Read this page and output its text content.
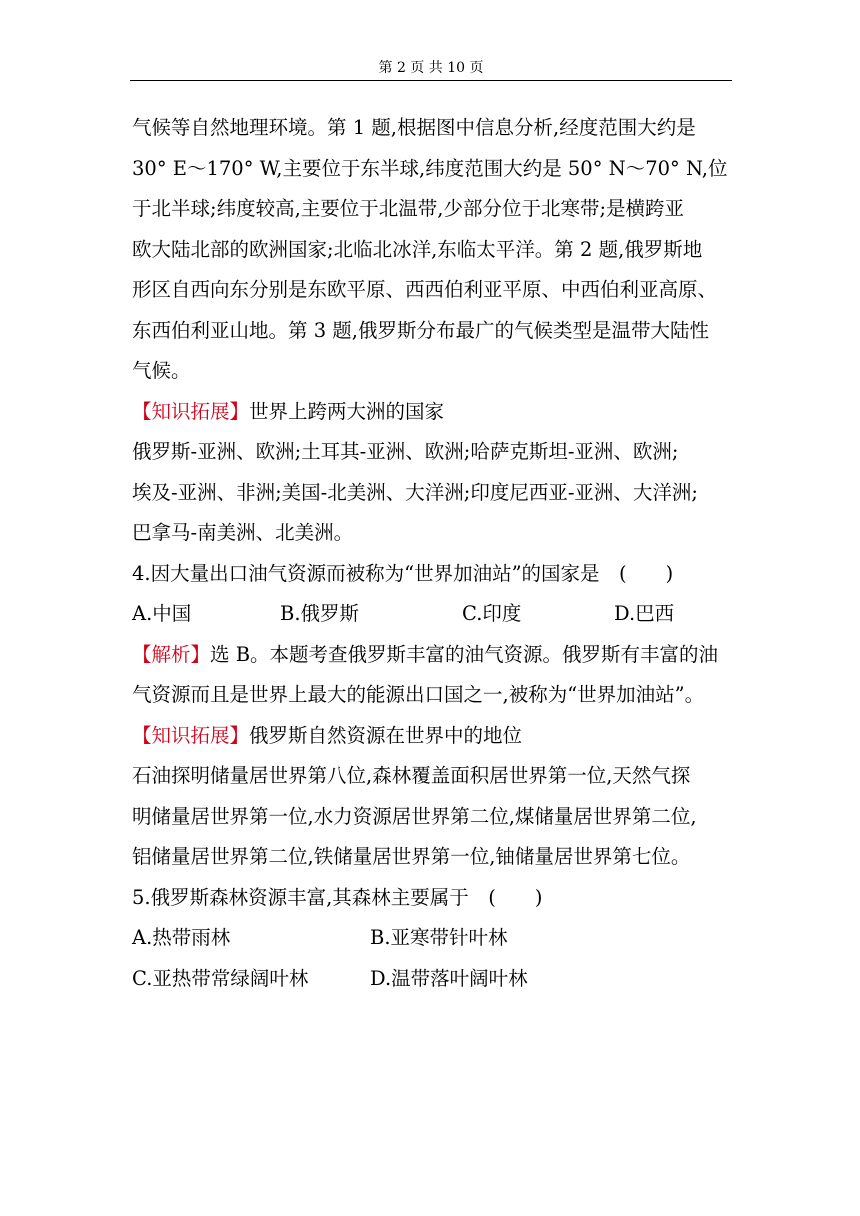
第 2 页 共 10 页

气候等自然地理环境。第 1 题,根据图中信息分析,经度范围大约是

30° E～170° W,主要位于东半球,纬度范围大约是 50° N～70° N,位

于北半球;纬度较高,主要位于北温带,少部分位于北寒带;是横跨亚

欧大陆北部的欧洲国家;北临北冰洋,东临太平洋。第 2 题,俄罗斯地

形区自西向东分别是东欧平原、西西伯利亚平原、中西伯利亚高原、

东西伯利亚山地。第 3 题,俄罗斯分布最广的气候类型是温带大陆性

气候。

【知识拓展】世界上跨两大洲的国家

俄罗斯-亚洲、欧洲;土耳其-亚洲、欧洲;哈萨克斯坦-亚洲、欧洲;

埃及-亚洲、非洲;美国-北美洲、大洋洲;印度尼西亚-亚洲、大洋洲;

巴拿马-南美洲、北美洲。

4.因大量出口油气资源而被称为“世界加油站”的国家是　(　　)

A.中国	B.俄罗斯	C.印度	D.巴西

【解析】选 B。本题考查俄罗斯丰富的油气资源。俄罗斯有丰富的油

气资源而且是世界上最大的能源出口国之一,被称为“世界加油站”。

【知识拓展】俄罗斯自然资源在世界中的地位

石油探明储量居世界第八位,森林覆盖面积居世界第一位,天然气探

明储量居世界第一位,水力资源居世界第二位,煤储量居世界第二位,

铝储量居世界第二位,铁储量居世界第一位,铀储量居世界第七位。

5.俄罗斯森林资源丰富,其森林主要属于　(　　)

A.热带雨林	B.亚寒带针叶林
C.亚热带常绿阔叶林	D.温带落叶阔叶林
